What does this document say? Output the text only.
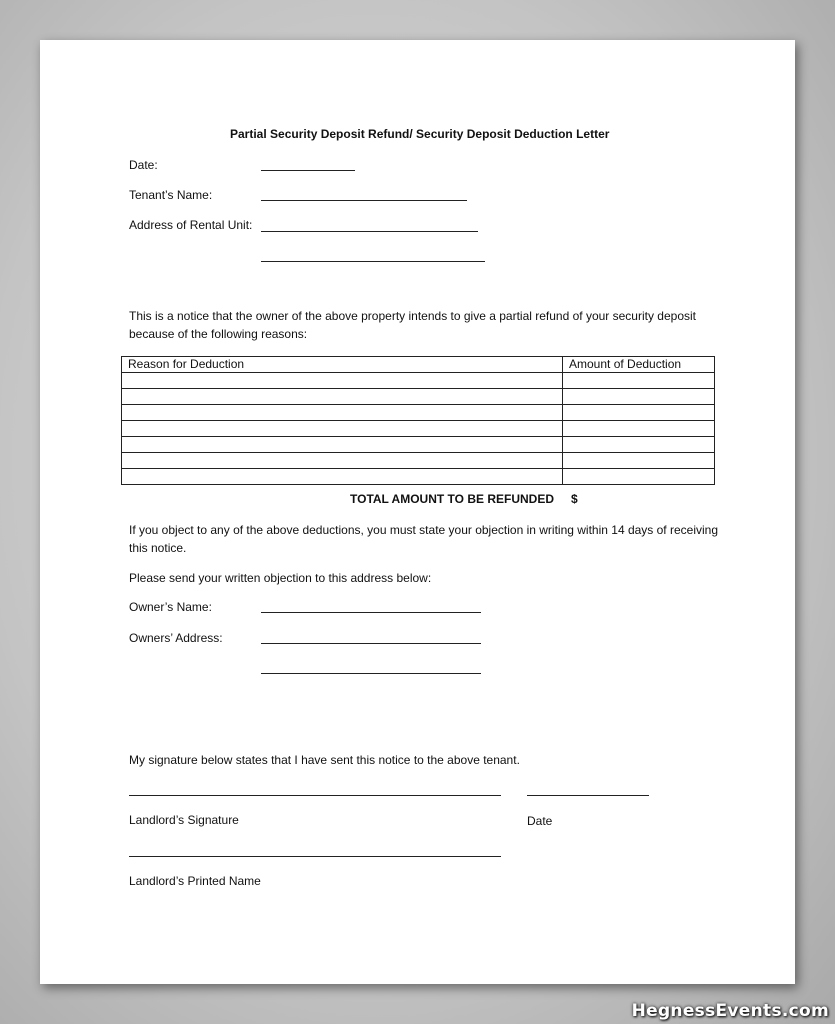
Partial Security Deposit Refund/ Security Deposit Deduction Letter
Date:
Tenant’s Name:
Address of Rental Unit:
This is a notice that the owner of the above property intends to give a partial refund of your security deposit because of the following reasons:
Reason for Deduction	Amount of Deduction

TOTAL AMOUNT TO BE REFUNDED $
If you object to any of the above deductions, you must state your objection in writing within 14 days of receiving this notice.
Please send your written objection to this address below:
Owner’s Name:
Owners’ Address:
My signature below states that I have sent this notice to the above tenant.
Landlord’s Signature	Date
Landlord’s Printed Name
HegnessEvents.com
